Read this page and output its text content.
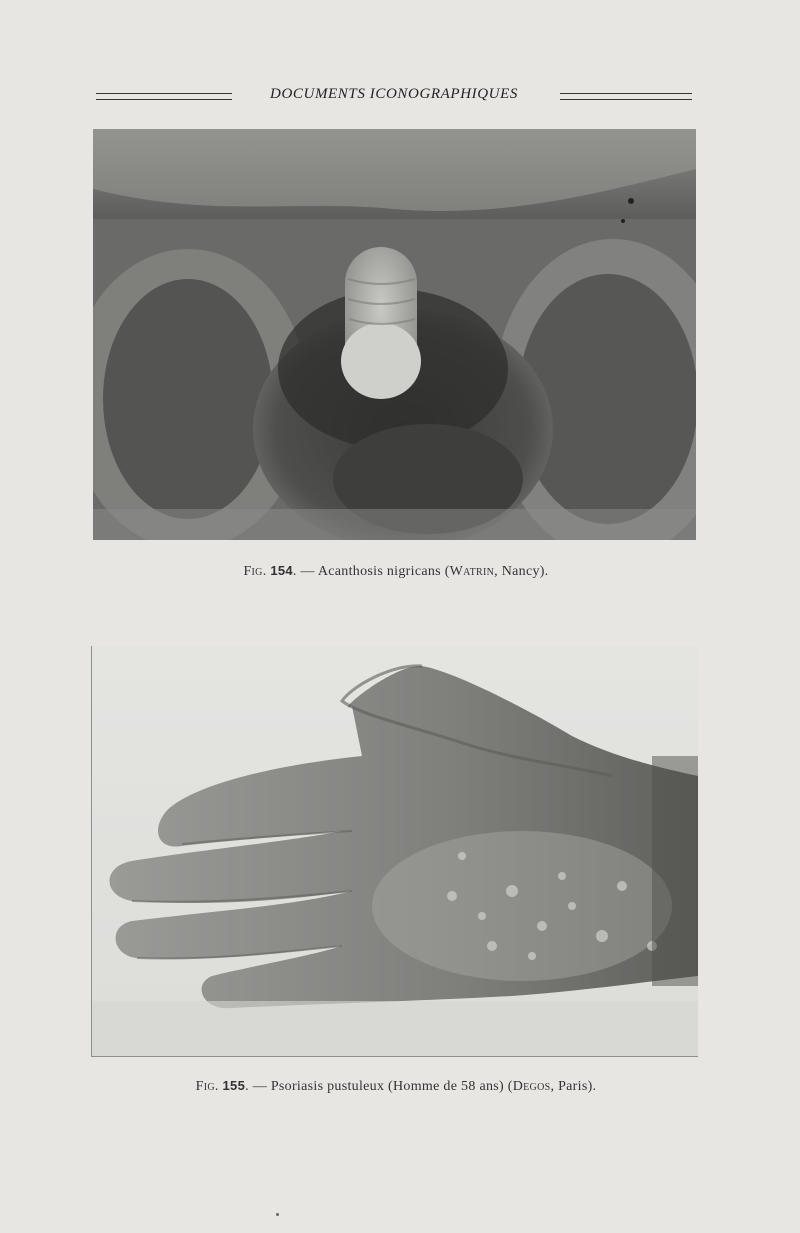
DOCUMENTS ICONOGRAPHIQUES
Fig. 154. — Acanthosis nigricans (Watrin, Nancy).
Fig. 155. — Psoriasis pustuleux (Homme de 58 ans) (Degos, Paris).
